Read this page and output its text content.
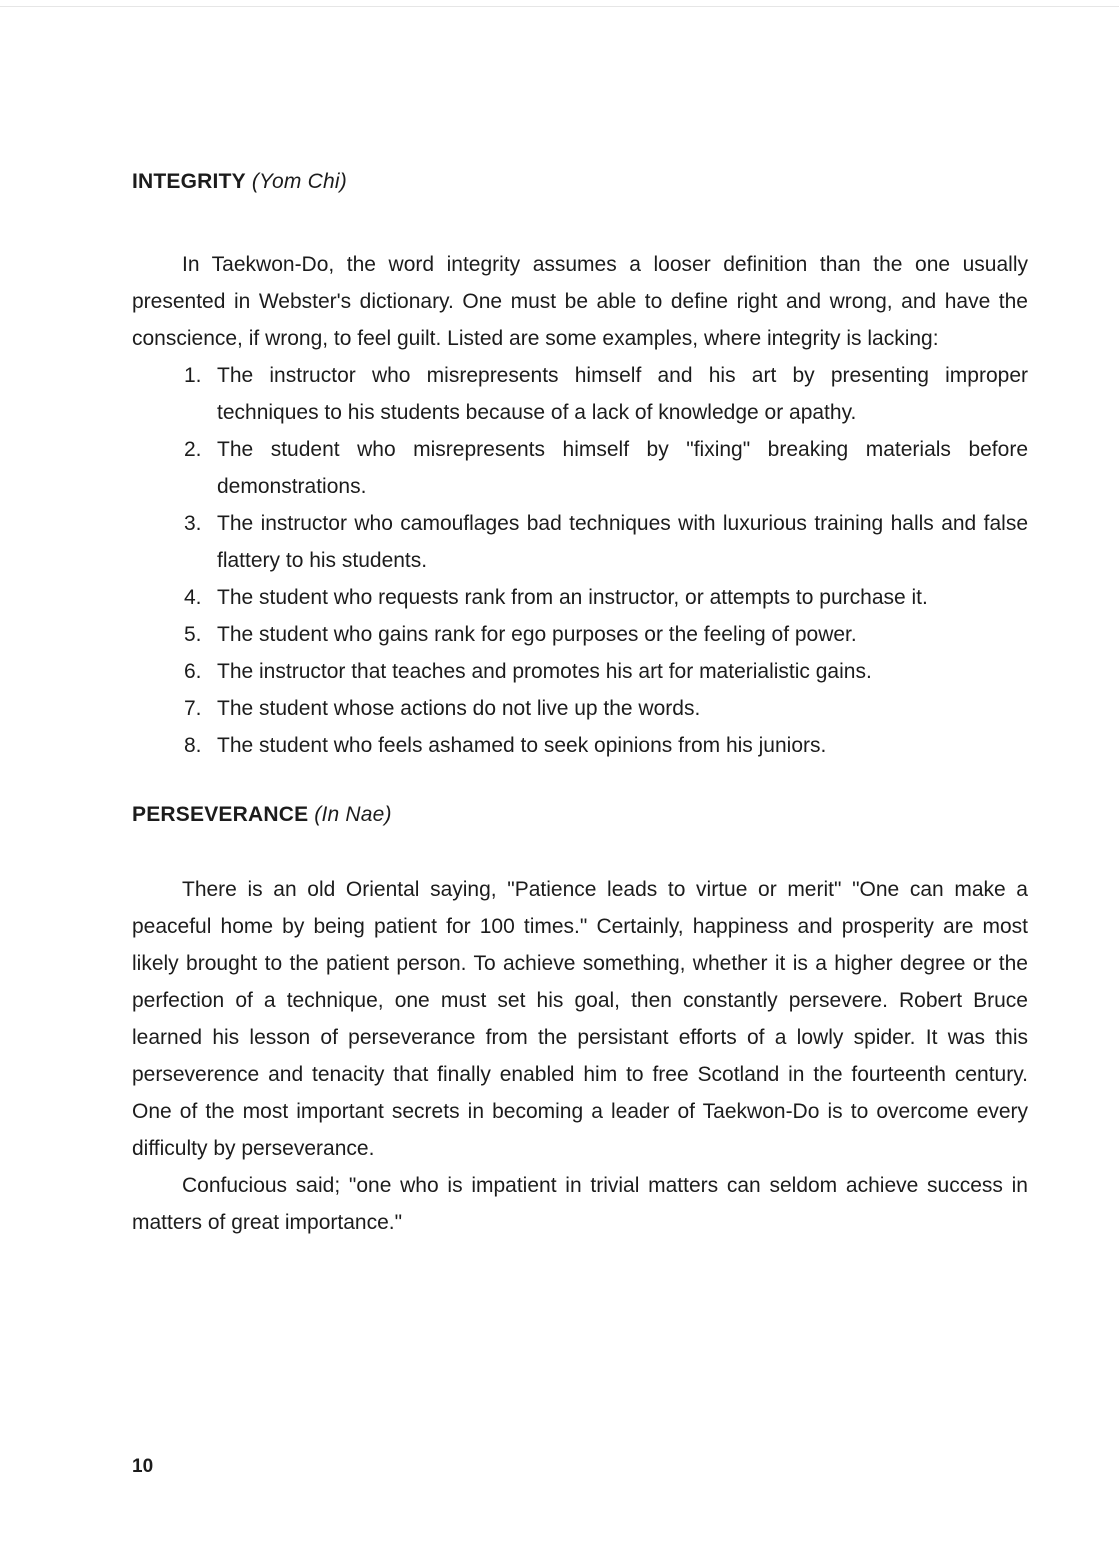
INTEGRITY (Yom Chi)

In Taekwon-Do, the word integrity assumes a looser definition than the one usually presented in Webster's dictionary. One must be able to define right and wrong, and have the conscience, if wrong, to feel guilt. Listed are some examples, where integrity is lacking:

1. The instructor who misrepresents himself and his art by presenting improper techniques to his students because of a lack of knowledge or apathy.
2. The student who misrepresents himself by "fixing" breaking materials before demonstrations.
3. The instructor who camouflages bad techniques with luxurious training halls and false flattery to his students.
4. The student who requests rank from an instructor, or attempts to purchase it.
5. The student who gains rank for ego purposes or the feeling of power.
6. The instructor that teaches and promotes his art for materialistic gains.
7. The student whose actions do not live up the words.
8. The student who feels ashamed to seek opinions from his juniors.
PERSEVERANCE (In Nae)

There is an old Oriental saying, "Patience leads to virtue or merit" "One can make a peaceful home by being patient for 100 times." Certainly, happiness and prosperity are most likely brought to the patient person. To achieve something, whether it is a higher degree or the perfection of a technique, one must set his goal, then constantly persevere. Robert Bruce learned his lesson of perseverance from the persistant efforts of a lowly spider. It was this perseverence and tenacity that finally enabled him to free Scotland in the fourteenth century. One of the most important secrets in becoming a leader of Taekwon-Do is to overcome every difficulty by perseverance.

Confucious said; "one who is impatient in trivial matters can seldom achieve success in matters of great importance."

10
